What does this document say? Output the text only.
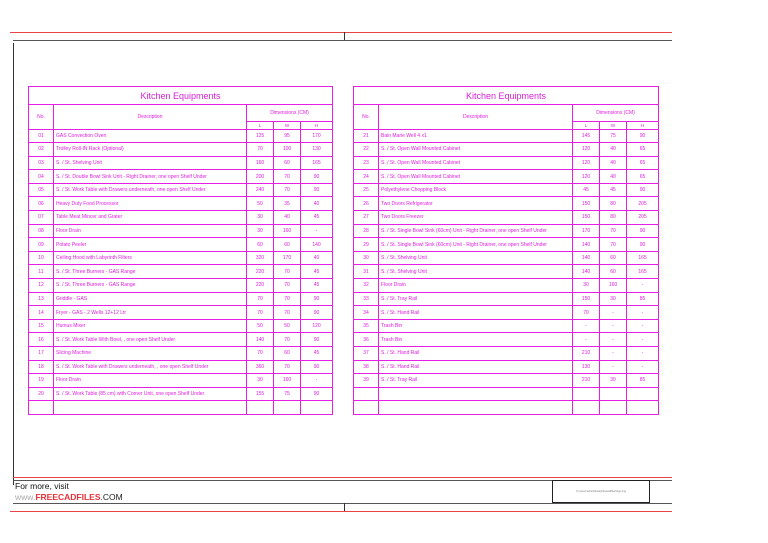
Kitchen Equipments				
No.	Description	Dimensions (CM)		
		L	W	H
01	GAS Convection Oven	125	95	170
02	Trolley Roll-IN Rack (Optional)	70	100	130
03	S. / St. Shelving Unit	160	60	165
04	S. / St. Double Bowl Sink Unit - Right Drainer, one open Shelf Under	200	70	90
05	S. / St. Work Table with Drawers underneath, one open Shelf Under	240	70	90
06	Heavy Duty Food Processor	50	35	40
07	Table Meat Mincer and Grater	30	40	45
08	Floor Drain	30	160	-
09	Potato Peeler	60	60	140
10	Ceiling Hood with Labyrinth Filters	320	170	40
11	S. / St. Three Burners - GAS Range	220	70	45
12	S. / St. Three Burners - GAS Range	220	70	45
13	Griddle - GAS	70	70	90
14	Fryer - GAS - 2 Wells 12+12 Ltr	70	70	90
15	Humus Mixer	50	50	120
16	S. / St. Work Table With Bowl, , one open Shelf Under	140	70	90
17	Slicing Machine	70	60	45
18	S. / St. Work Table with Drawers underneath, , one open Shelf Under	360	70	90
19	Floor Drain	30	160	-
20	S. / St. Work Table (85 cm) with Corner Unit, one open Shelf Under	155	75	90

Kitchen Equipments				
No.	Description	Dimensions (CM)		
		L	W	H
21	Bain Marie Well 4 x1	145	75	90
22	S. / St. Open Wall Mounted Cabinet	120	40	65
23	S. / St. Open Wall Mounted Cabinet	120	40	65
24	S. / St. Open Wall Mounted Cabinet	120	40	65
25	Polyethylene Chopping Block	45	45	90
26	Two Doors Refrigerator	150	80	205
27	Two Doors Freezer	150	80	205
28	S. / St. Single Bowl Sink (60cm) Unit - Right Drainer, one open Shelf Under	170	70	90
29	S. / St. Single Bowl Sink (60cm) Unit - Right Drainer, one open Shelf Under	140	70	90
30	S. / St. Shelving Unit	140	60	165
31	S. / St. Shelving Unit	140	60	165
32	Floor Drain	30	160	-
33	S. / St. Tray Rail	150	30	85
34	S. / St. Hand Rail	70	-	-
35	Trash Bin	-	-	-
36	Trash Bin	-	-	-
37	S. / St. Hand Rail	210	-	-
38	S. / St. Hand Rail	130	-	-
39	S. / St. Tray Rail	210	30	85

For more, visit
www.FREECADFILES.COM
C:\users\name\Desktop\freecadfiles\logo.png
